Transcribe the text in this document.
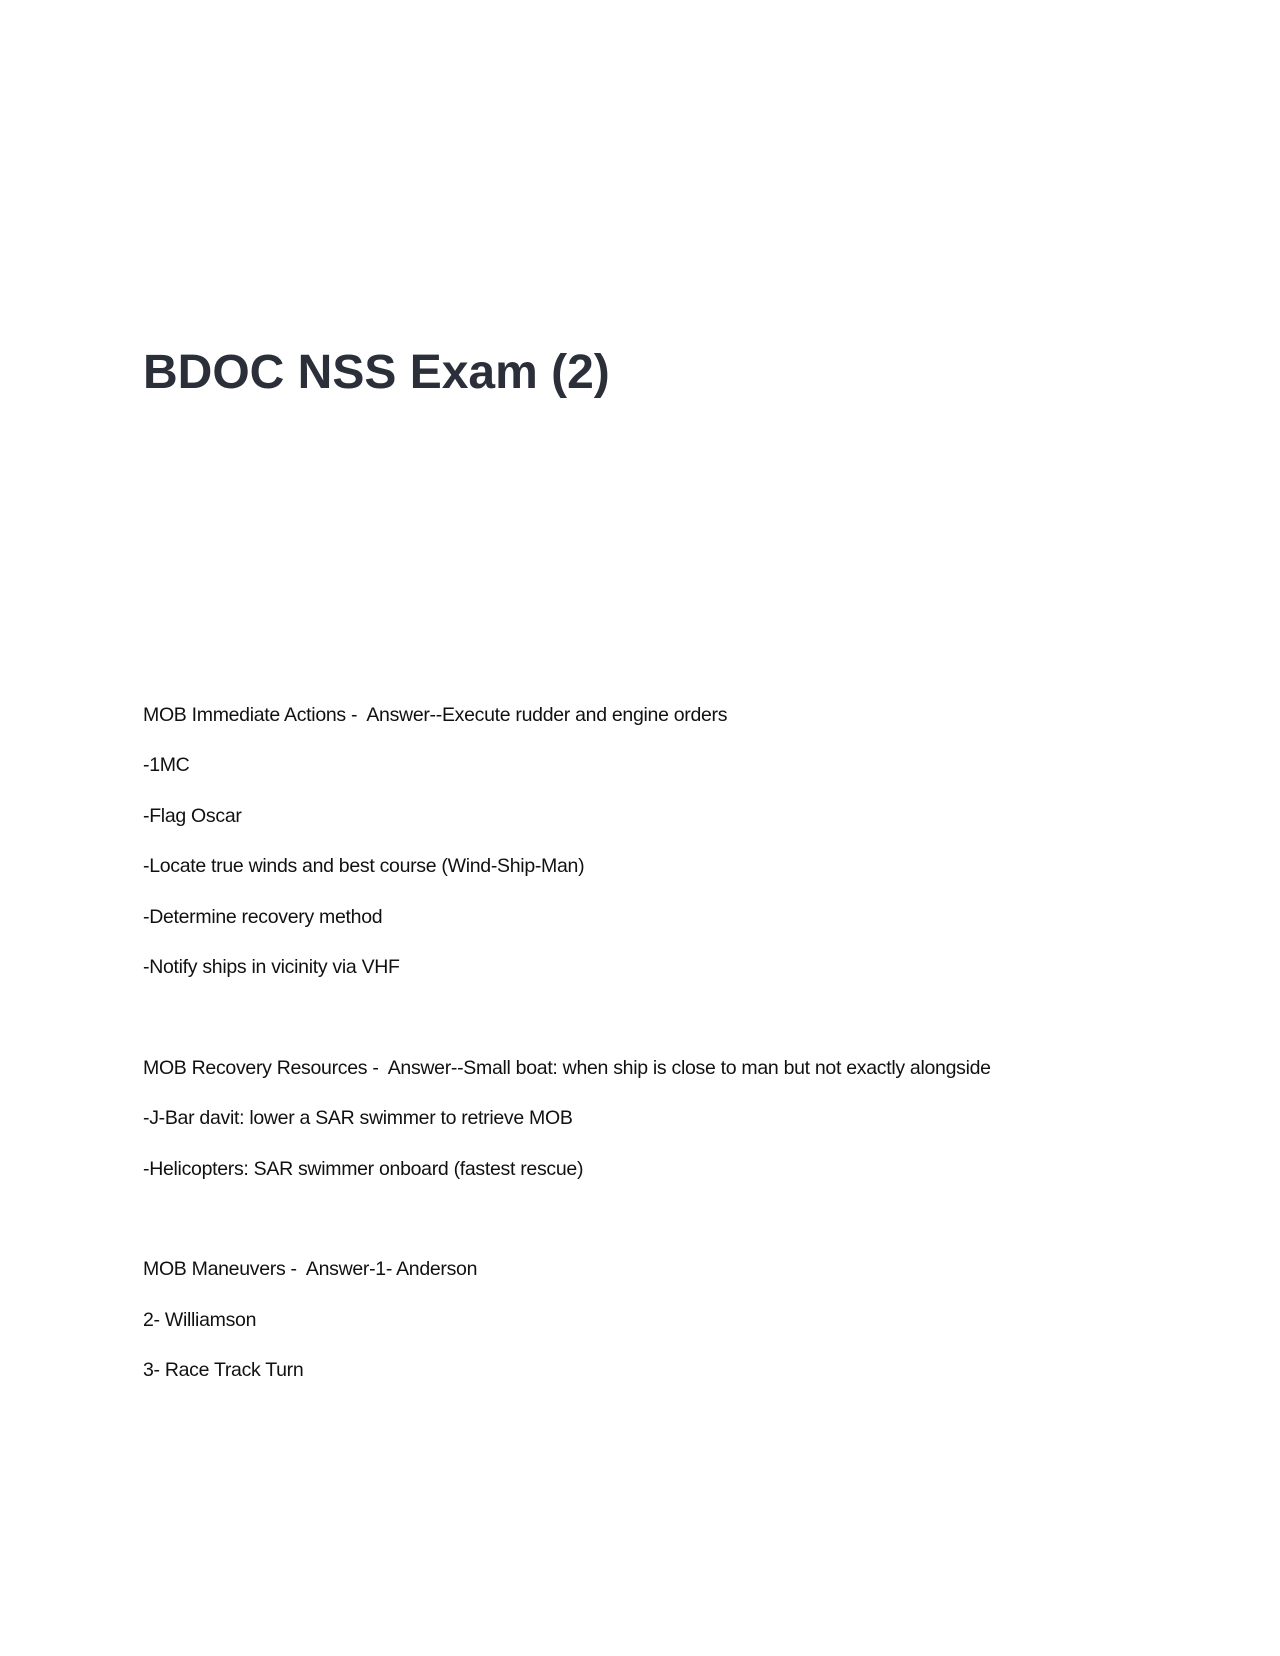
BDOC NSS Exam (2)
MOB Immediate Actions -  Answer--Execute rudder and engine orders
-1MC
-Flag Oscar
-Locate true winds and best course (Wind-Ship-Man)
-Determine recovery method
-Notify ships in vicinity via VHF
MOB Recovery Resources -  Answer--Small boat: when ship is close to man but not exactly alongside
-J-Bar davit: lower a SAR swimmer to retrieve MOB
-Helicopters: SAR swimmer onboard (fastest rescue)
MOB Maneuvers -  Answer-1- Anderson
2- Williamson
3- Race Track Turn
